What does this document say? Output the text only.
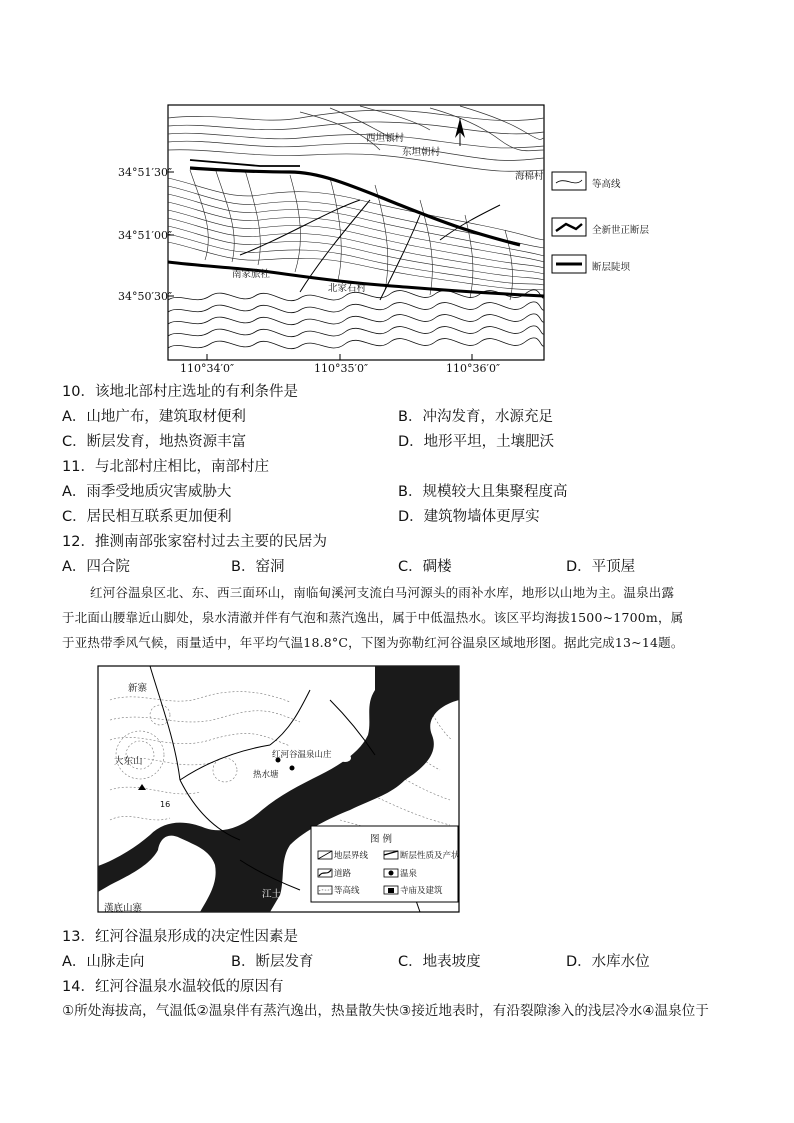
34°51′30″
34°51′00″
34°50′30″
110°34′0″	110°35′0″	110°36′0″
西坦頓村
东坦朝村
海棉村
南家旅社
北家石村
等高线
全新世正断层
断层陡坝
10．该地北部村庄选址的有利条件是
A．山地广布，建筑取材便利	B．冲沟发育，水源充足
C．断层发育，地热资源丰富	D．地形平坦，土壤肥沃
11．与北部村庄相比，南部村庄
A．雨季受地质灾害威胁大	B．规模较大且集聚程度高
C．居民相互联系更加便利	D．建筑物墙体更厚实
12．推测南部张家窑村过去主要的民居为
A．四合院	B．窑洞	C．碉楼	D．平顶屋
红河谷温泉区北、东、西三面环山，南临甸溪河支流白马河源头的雨补水库，地形以山地为主。温泉出露
于北面山腰靠近山脚处，泉水清澈并伴有气泡和蒸汽逸出，属于中低温热水。该区平均海拔1500~1700m，属
于亚热带季风气候，雨量适中，年平均气温18.8°C，下图为弥勒红河谷温泉区域地形图。据此完成13~14题。
新寨
大东山
红河谷温泉山庄
热水塘
江土坡
漢底山寨
16
图 例
地层界线	断层性质及产状
道路	温泉
等高线	寺庙及建筑
13．红河谷温泉形成的决定性因素是
A．山脉走向	B．断层发育	C．地表坡度	D．水库水位
14．红河谷温泉水温较低的原因有
①所处海拔高，气温低②温泉伴有蒸汽逸出，热量散失快③接近地表时，有沿裂隙渗入的浅层冷水④温泉位于
